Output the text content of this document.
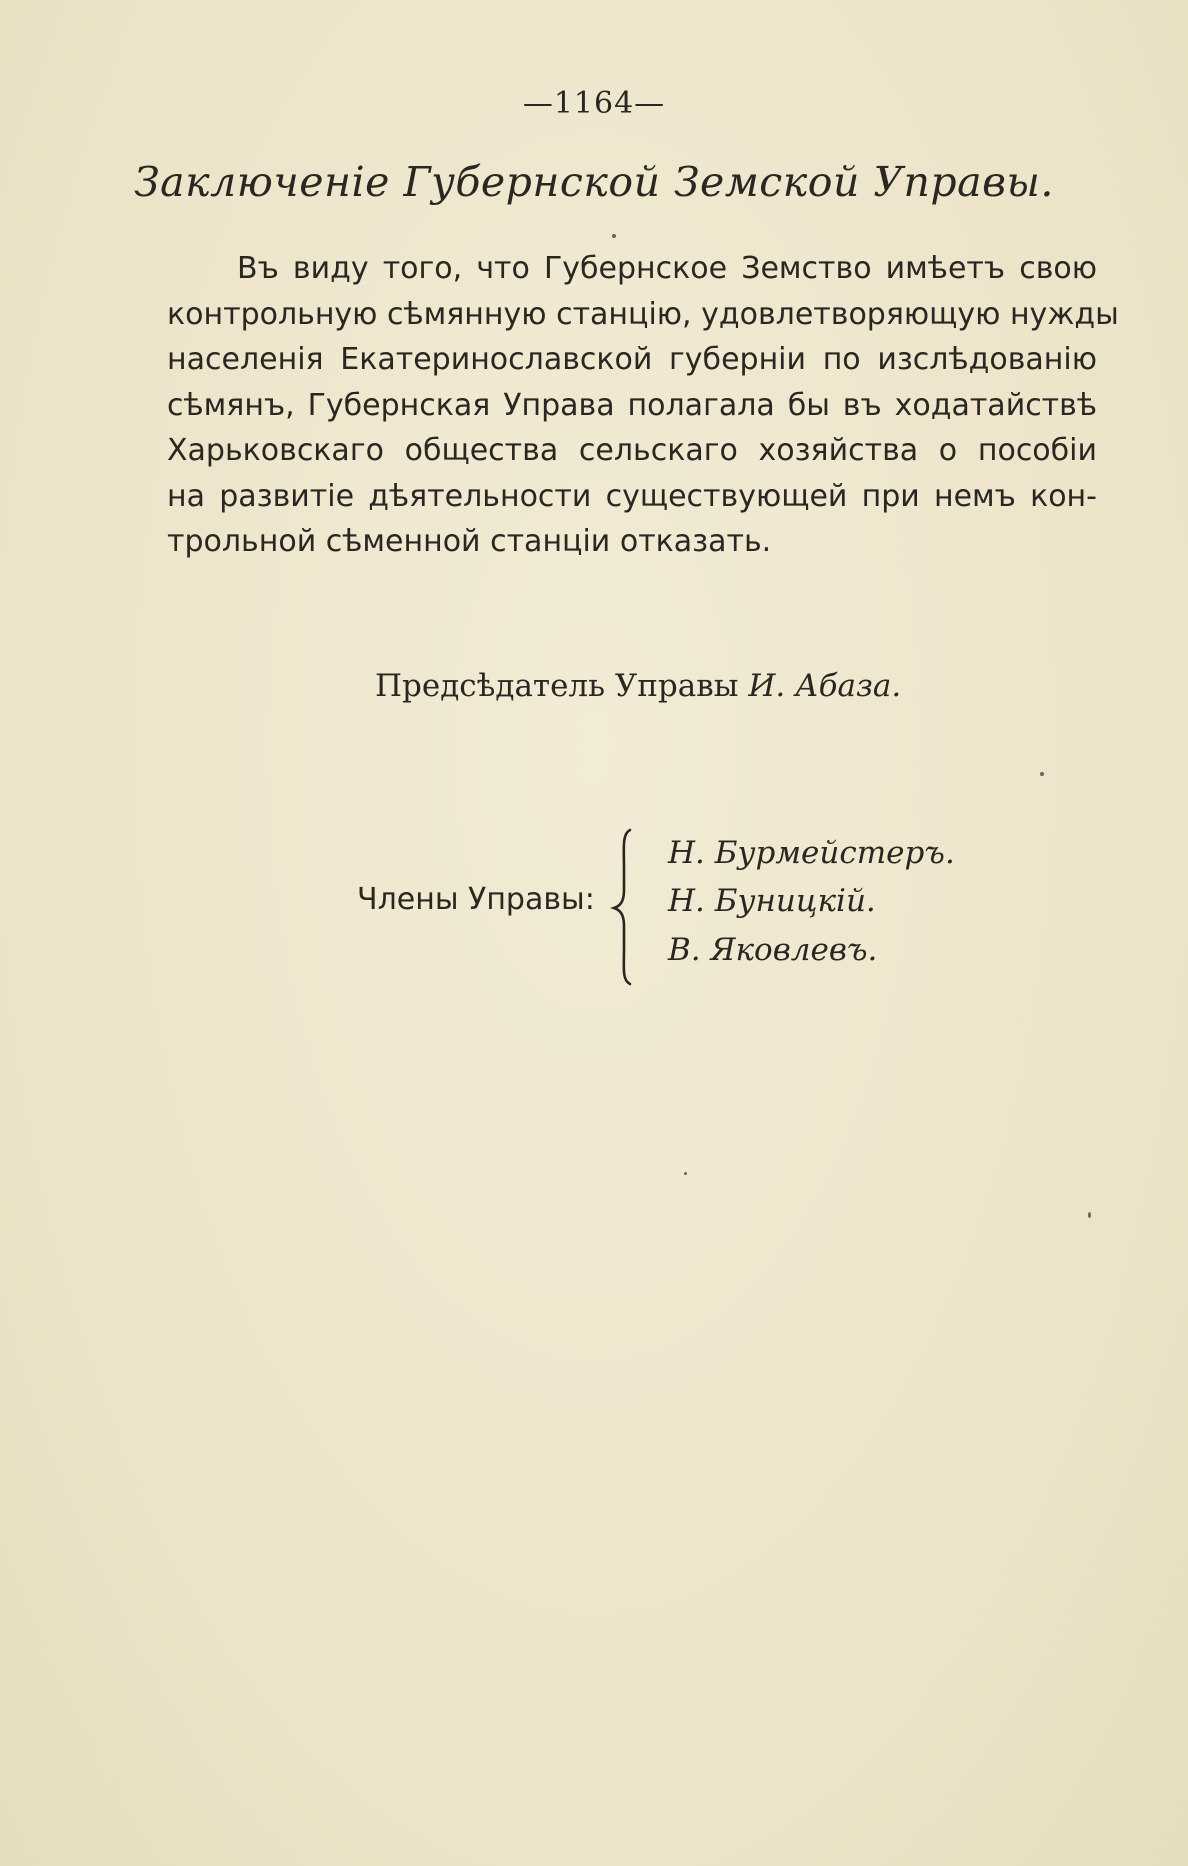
—1164—
Заключеніе Губернской Земской Управы.
Въ виду того, что Губернское Земство имѣетъ свою
контрольную сѣмянную станцію, удовлетворяющую нужды
населенія Екатеринославской губерніи по изслѣдованію
сѣмянъ, Губернская Управа полагала бы въ ходатайствѣ
Харьковскаго общества сельскаго хозяйства о пособіи
на развитіе дѣятельности существующей при немъ кон-
трольной сѣменной станціи отказать.
Предсѣдатель Управы И. Абаза.
Члены Управы:
Н. Бурмейстеръ.
Н. Буницкій.
В. Яковлевъ.
